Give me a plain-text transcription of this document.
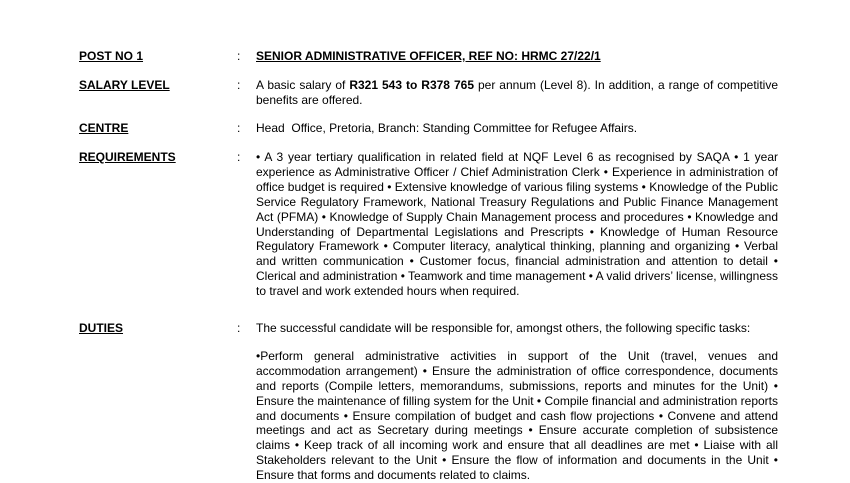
POST NO 1	: SENIOR ADMINISTRATIVE OFFICER, REF NO: HRMC 27/22/1
SALARY LEVEL	: A basic salary of R321 543 to R378 765 per annum (Level 8). In addition, a range of competitive benefits are offered.
CENTRE	: Head  Office, Pretoria, Branch: Standing Committee for Refugee Affairs.
REQUIREMENTS	: • A 3 year tertiary qualification in related field at NQF Level 6 as recognised by SAQA • 1 year experience as Administrative Officer / Chief Administration Clerk • Experience in administration of office budget is required • Extensive knowledge of various filing systems • Knowledge of the Public Service Regulatory Framework, National Treasury Regulations and Public Finance Management Act (PFMA) • Knowledge of Supply Chain Management process and procedures • Knowledge and Understanding of Departmental Legislations and Prescripts • Knowledge of Human Resource Regulatory Framework • Computer literacy, analytical thinking, planning and organizing • Verbal and written communication • Customer focus, financial administration and attention to detail • Clerical and administration • Teamwork and time management • A valid drivers’ license, willingness to travel and work extended hours when required.
DUTIES	: The successful candidate will be responsible for, amongst others, the following specific tasks:
•Perform general administrative activities in support of the Unit (travel, venues and accommodation arrangement) • Ensure the administration of office correspondence, documents and reports (Compile letters, memorandums, submissions, reports and minutes for the Unit) • Ensure the maintenance of filling system for the Unit • Compile financial and administration reports and documents • Ensure compilation of budget and cash flow projections • Convene and attend meetings and act as Secretary during meetings • Ensure accurate completion of subsistence claims • Keep track of all incoming work and ensure that all deadlines are met • Liaise with all Stakeholders relevant to the Unit • Ensure the flow of information and documents in the Unit • Ensure that forms and documents related to claims.
